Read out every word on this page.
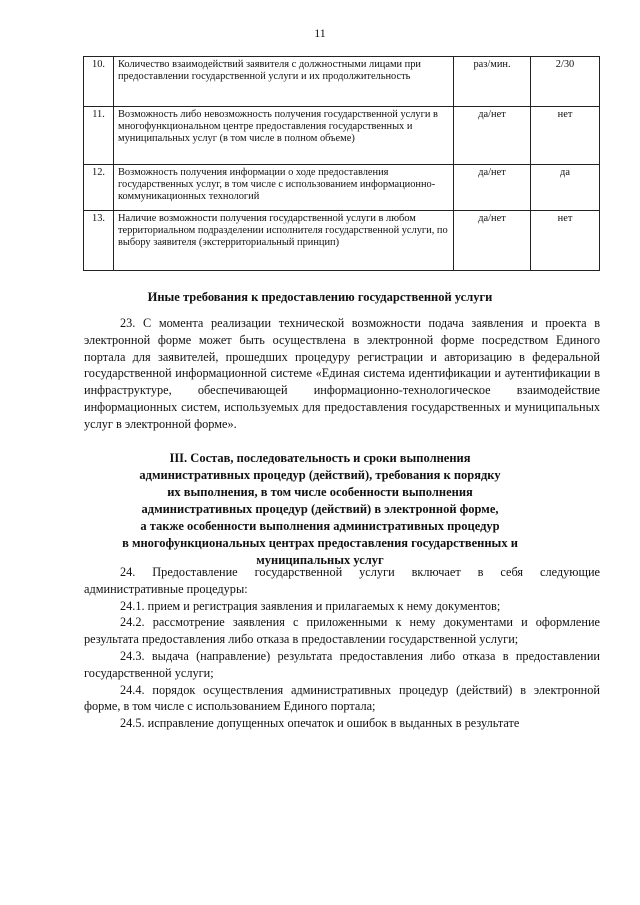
11
10.	Количество взаимодействий заявителя с должностными лицами при предоставлении государственной услуги и их продолжительность	раз/мин.	2/30
11.	Возможность либо невозможность получения государственной услуги в многофункциональном центре предоставления государственных и муниципальных услуг (в том числе в полном объеме)	да/нет	нет
12.	Возможность получения информации о ходе предоставления государственных услуг, в том числе с использованием информационно-коммуникационных технологий	да/нет	да
13.	Наличие возможности получения государственной услуги в любом территориальном подразделении исполнителя государственной услуги, по выбору заявителя (экстерриториальный принцип)	да/нет	нет
Иные требования к предоставлению государственной услуги

23. С момента реализации технической возможности подача заявления и проекта в электронной форме может быть осуществлена в электронной форме посредством Единого портала для заявителей, прошедших процедуру регистрации и авторизацию в федеральной государственной информационной системе «Единая система идентификации и аутентификации в инфраструктуре, обеспечивающей информационно-технологическое взаимодействие информационных систем, используемых для предоставления государственных и муниципальных услуг в электронной форме».

III. Состав, последовательность и сроки выполнения
административных процедур (действий), требования к порядку
их выполнения, в том числе особенности выполнения
административных процедур (действий) в электронной форме,
а также особенности выполнения административных процедур
в многофункциональных центрах предоставления государственных и
муниципальных услуг

24. Предоставление государственной услуги включает в себя следующие административные процедуры:

24.1. прием и регистрация заявления и прилагаемых к нему документов;

24.2. рассмотрение заявления с приложенными к нему документами и оформление результата предоставления либо отказа в предоставлении государственной услуги;

24.3. выдача (направление) результата предоставления либо отказа в предоставлении государственной услуги;

24.4. порядок осуществления административных процедур (действий) в электронной форме, в том числе с использованием Единого портала;

24.5. исправление допущенных опечаток и ошибок в выданных в результате
